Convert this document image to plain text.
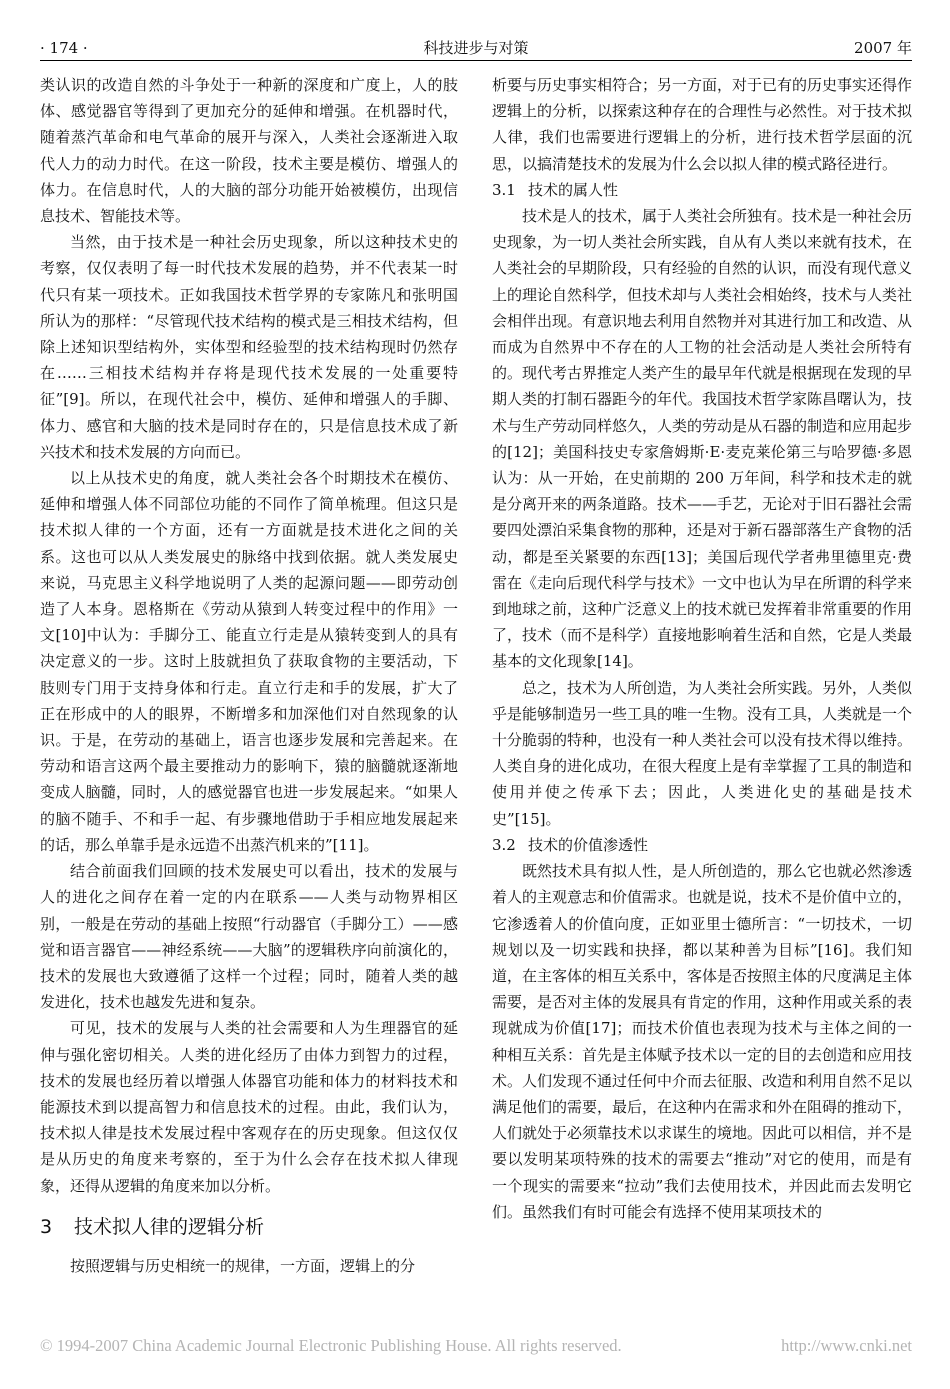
· 174 ·	科技进步与对策	2007 年

类认识的改造自然的斗争处于一种新的深度和广度上，人的肢体、感觉器官等得到了更加充分的延伸和增强。在机器时代，随着蒸汽革命和电气革命的展开与深入，人类社会逐渐进入取代人力的动力时代。在这一阶段，技术主要是模仿、增强人的体力。在信息时代，人的大脑的部分功能开始被模仿，出现信息技术、智能技术等。

当然，由于技术是一种社会历史现象，所以这种技术史的考察，仅仅表明了每一时代技术发展的趋势，并不代表某一时代只有某一项技术。正如我国技术哲学界的专家陈凡和张明国所认为的那样：“尽管现代技术结构的模式是三相技术结构，但除上述知识型结构外，实体型和经验型的技术结构现时仍然存在……三相技术结构并存将是现代技术发展的一处重要特征”[9]。所以，在现代社会中，模仿、延伸和增强人的手脚、体力、感官和大脑的技术是同时存在的，只是信息技术成了新兴技术和技术发展的方向而已。

以上从技术史的角度，就人类社会各个时期技术在模仿、延伸和增强人体不同部位功能的不同作了简单梳理。但这只是技术拟人律的一个方面，还有一方面就是技术进化之间的关系。这也可以从人类发展史的脉络中找到依据。就人类发展史来说，马克思主义科学地说明了人类的起源问题——即劳动创造了人本身。恩格斯在《劳动从猿到人转变过程中的作用》一文[10]中认为：手脚分工、能直立行走是从猿转变到人的具有决定意义的一步。这时上肢就担负了获取食物的主要活动，下肢则专门用于支持身体和行走。直立行走和手的发展，扩大了正在形成中的人的眼界，不断增多和加深他们对自然现象的认识。于是，在劳动的基础上，语言也逐步发展和完善起来。在劳动和语言这两个最主要推动力的影响下，猿的脑髓就逐渐地变成人脑髓，同时，人的感觉器官也进一步发展起来。“如果人的脑不随手、不和手一起、有步骤地借助于手相应地发展起来的话，那么单靠手是永远造不出蒸汽机来的”[11]。

结合前面我们回顾的技术发展史可以看出，技术的发展与人的进化之间存在着一定的内在联系——人类与动物界相区别，一般是在劳动的基础上按照“行动器官（手脚分工）——感觉和语言器官——神经系统——大脑”的逻辑秩序向前演化的，技术的发展也大致遵循了这样一个过程；同时，随着人类的越发进化，技术也越发先进和复杂。

可见，技术的发展与人类的社会需要和人为生理器官的延伸与强化密切相关。人类的进化经历了由体力到智力的过程，技术的发展也经历着以增强人体器官功能和体力的材料技术和能源技术到以提高智力和信息技术的过程。由此，我们认为，技术拟人律是技术发展过程中客观存在的历史现象。但这仅仅是从历史的角度来考察的，至于为什么会存在技术拟人律现象，还得从逻辑的角度来加以分析。

3 技术拟人律的逻辑分析

按照逻辑与历史相统一的规律，一方面，逻辑上的分

析要与历史事实相符合；另一方面，对于已有的历史事实还得作逻辑上的分析，以探索这种存在的合理性与必然性。对于技术拟人律，我们也需要进行逻辑上的分析，进行技术哲学层面的沉思，以搞清楚技术的发展为什么会以拟人律的模式路径进行。

3.1 技术的属人性

技术是人的技术，属于人类社会所独有。技术是一种社会历史现象，为一切人类社会所实践，自从有人类以来就有技术，在人类社会的早期阶段，只有经验的自然的认识，而没有现代意义上的理论自然科学，但技术却与人类社会相始终，技术与人类社会相伴出现。有意识地去利用自然物并对其进行加工和改造、从而成为自然界中不存在的人工物的社会活动是人类社会所特有的。现代考古界推定人类产生的最早年代就是根据现在发现的早期人类的打制石器距今的年代。我国技术哲学家陈昌曙认为，技术与生产劳动同样悠久，人类的劳动是从石器的制造和应用起步的[12]；美国科技史专家詹姆斯·E·麦克莱伦第三与哈罗德·多恩认为：从一开始，在史前期的 200 万年间，科学和技术走的就是分离开来的两条道路。技术——手艺，无论对于旧石器社会需要四处漂泊采集食物的那种，还是对于新石器部落生产食物的活动，都是至关紧要的东西[13]；美国后现代学者弗里德里克·费雷在《走向后现代科学与技术》一文中也认为早在所谓的科学来到地球之前，这种广泛意义上的技术就已发挥着非常重要的作用了，技术（而不是科学）直接地影响着生活和自然，它是人类最基本的文化现象[14]。

总之，技术为人所创造，为人类社会所实践。另外，人类似乎是能够制造另一些工具的唯一生物。没有工具，人类就是一个十分脆弱的特种，也没有一种人类社会可以没有技术得以维持。人类自身的进化成功，在很大程度上是有幸掌握了工具的制造和使用并使之传承下去；因此，人类进化史的基础是技术史”[15]。

3.2 技术的价值渗透性

既然技术具有拟人性，是人所创造的，那么它也就必然渗透着人的主观意志和价值需求。也就是说，技术不是价值中立的，它渗透着人的价值向度，正如亚里士德所言：“一切技术，一切规划以及一切实践和抉择，都以某种善为目标”[16]。我们知道，在主客体的相互关系中，客体是否按照主体的尺度满足主体需要，是否对主体的发展具有肯定的作用，这种作用或关系的表现就成为价值[17]；而技术价值也表现为技术与主体之间的一种相互关系：首先是主体赋予技术以一定的目的去创造和应用技术。人们发现不通过任何中介而去征服、改造和利用自然不足以满足他们的需要，最后，在这种内在需求和外在阻碍的推动下，人们就处于必须靠技术以求谋生的境地。因此可以相信，并不是要以发明某项特殊的技术的需要去“推动”对它的使用，而是有一个现实的需要来“拉动”我们去使用技术，并因此而去发明它们。虽然我们有时可能会有选择不使用某项技术的

© 1994-2007 China Academic Journal Electronic Publishing House. All rights reserved.	http://www.cnki.net
